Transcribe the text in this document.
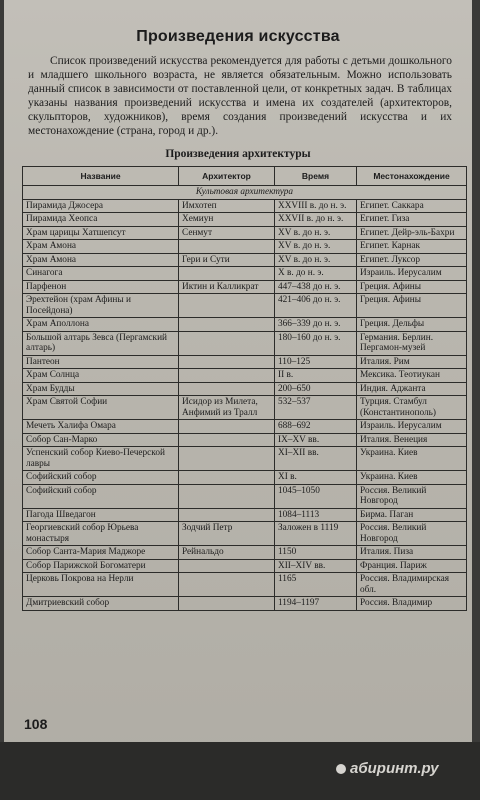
Произведения искусства

Список произведений искусства рекомендуется для работы с детьми дошкольного и младшего школьного возраста, не является обязательным. Можно использовать данный список в зависимости от поставленной цели, от конкретных задач. В таблицах указаны названия произведений искусства и имена их создателей (архитекторов, скульпторов, художников), время создания произведений искусства и их местонахождение (страна, город и др.).

Произведения архитектуры
Название	Архитектор	Время	Местонахождение
Культовая архитектура			
Пирамида Джосера	Имхотеп	XXVIII в. до н. э.	Египет. Саккара
Пирамида Хеопса	Хемиун	XXVII в. до н. э.	Египет. Гиза
Храм царицы Хатшепсут	Сенмут	XV в. до н. э.	Египет. Дейр-эль-Бахри
Храм Амона		XV в. до н. э.	Египет. Карнак
Храм Амона	Гери и Сути	XV в. до н. э.	Египет. Луксор
Синагога		X в. до н. э.	Израиль. Иерусалим
Парфенон	Иктин и Калликрат	447–438 до н. э.	Греция. Афины
Эрехтейон (храм Афины и Посейдона)		421–406 до н. э.	Греция. Афины
Храм Аполлона		366–339 до н. э.	Греция. Дельфы
Большой алтарь Зевса (Пергамский алтарь)		180–160 до н. э.	Германия. Берлин. Пергамон-музей
Пантеон		110–125	Италия. Рим
Храм Солнца		II в.	Мексика. Теотиукан
Храм Будды		200–650	Индия. Аджанта
Храм Святой Софии	Исидор из Милета, Анфимий из Тралл	532–537	Турция. Стамбул (Константинополь)
Мечеть Халифа Омара		688–692	Израиль. Иерусалим
Собор Сан-Марко		IX–XV вв.	Италия. Венеция
Успенский собор Киево-Печерской лавры		XI–XII вв.	Украина. Киев
Софийский собор		XI в.	Украина. Киев
Софийский собор		1045–1050	Россия. Великий Новгород
Пагода Шведагон		1084–1113	Бирма. Паган
Георгиевский собор Юрьева монастыря	Зодчий Петр	Заложен в 1119	Россия. Великий Новгород
Собор Санта-Мария Маджоре	Рейнальдо	1150	Италия. Пиза
Собор Парижской Богоматери		XII–XIV вв.	Франция. Париж
Церковь Покрова на Нерли		1165	Россия. Владимирская обл.
Дмитриевский собор		1194–1197	Россия. Владимир
108
абиринт.ру
